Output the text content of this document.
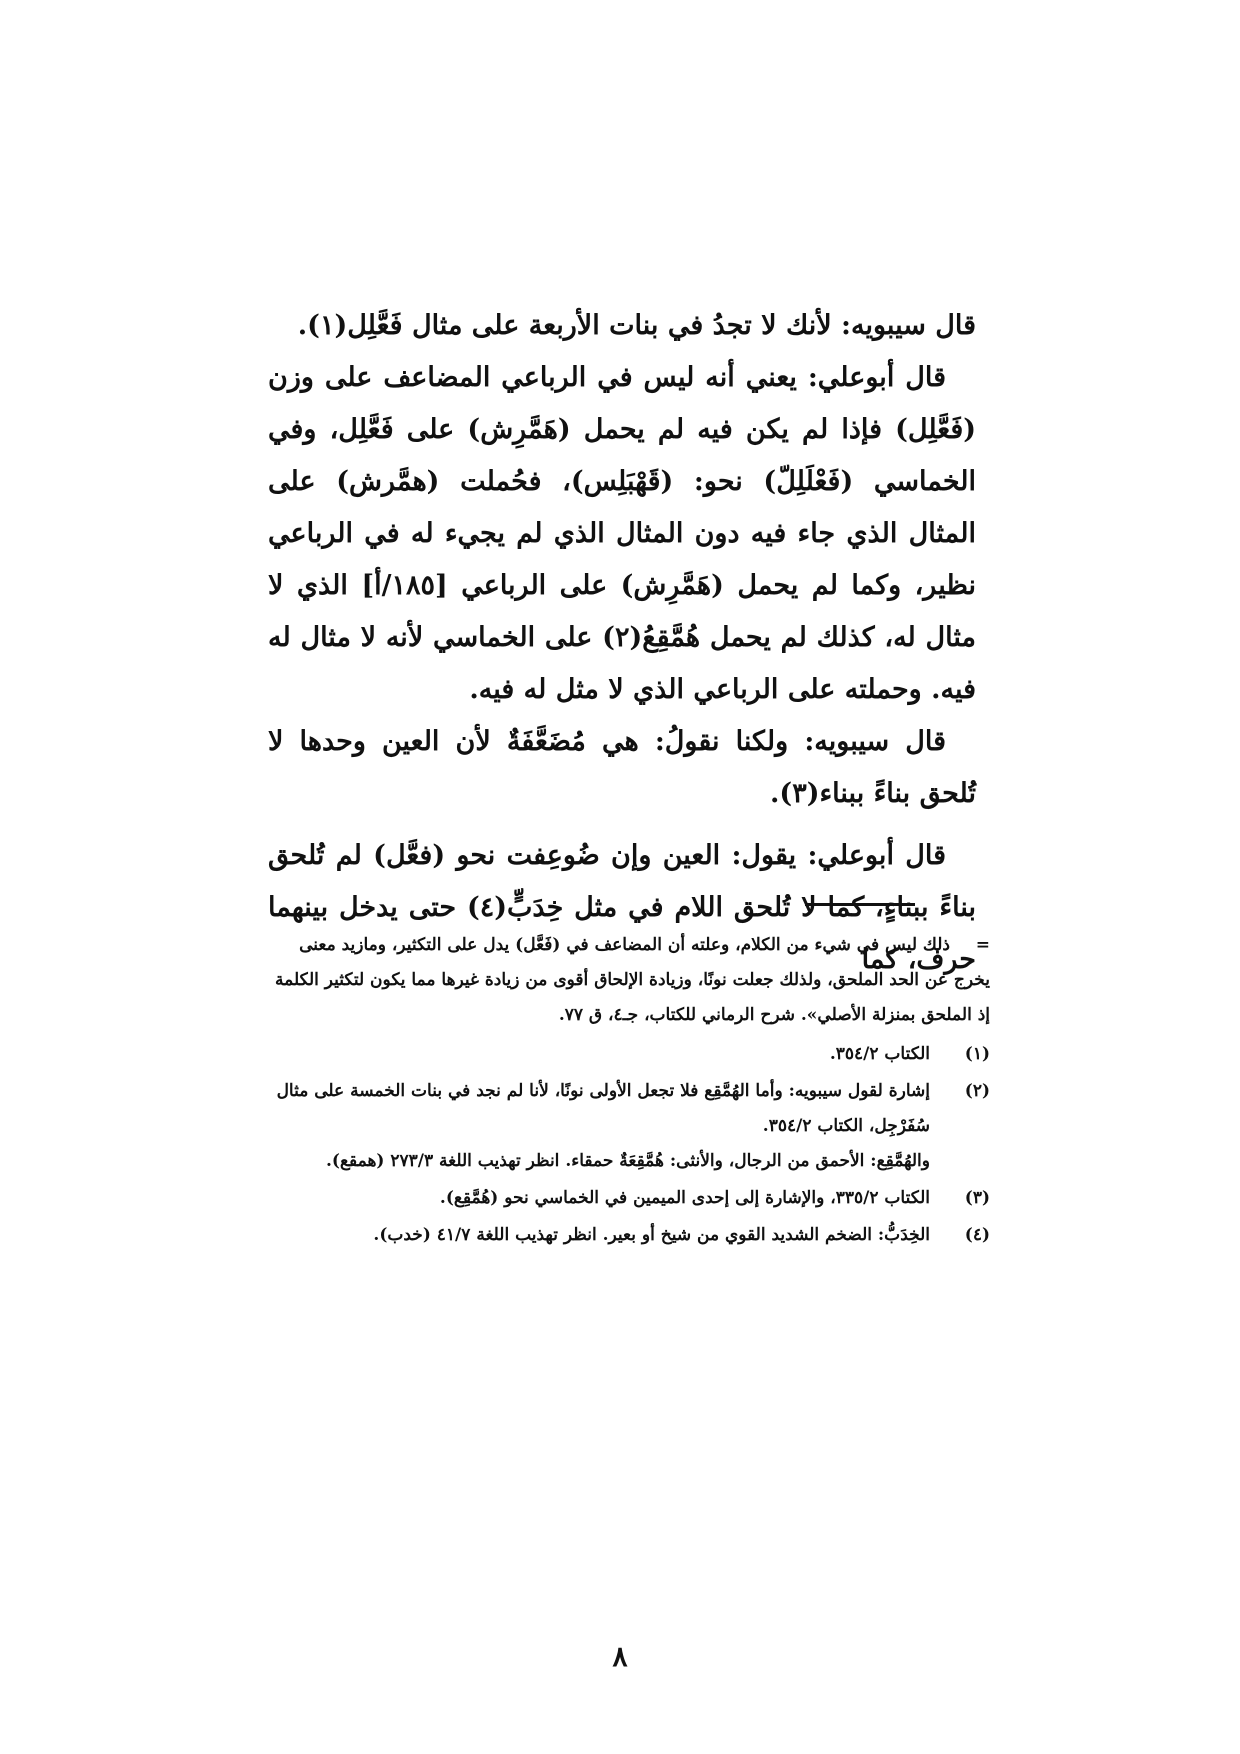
قال سيبويه: لأنك لا تجدُ في بنات الأربعة على مثال فَعَّلِل(١).

قال أبوعلي: يعني أنه ليس في الرباعي المضاعف على وزن (فَعَّلِل) فإذا لم يكن فيه لم يحمل (هَمَّرِش) على فَعَّلِل، وفي الخماسي (فَعْلَلِلّ) نحو: (قَهْبَلِس)، فحُملت (همَّرش) على المثال الذي جاء فيه دون المثال الذي لم يجيء له في الرباعي نظير، وكما لم يحمل (هَمَّرِش) على الرباعي [١٨٥/أ] الذي لا مثال له، كذلك لم يحمل هُمَّقِعُ(٢) على الخماسي لأنه لا مثال له فيه. وحملته على الرباعي الذي لا مثل له فيه.

قال سيبويه: ولكنا نقولُ: هي مُضَعَّفَةٌ لأن العين وحدها لا تُلحق بناءً ببناء(٣).

قال أبوعلي: يقول: العين وإن ضُوعِفت نحو (فعَّل) لم تُلحق بناءً ببناءٍ، كما لا تُلحق اللام في مثل خِدَبٍّ(٤) حتى يدخل بينهما حرف، كما =ذلك ليس في شيء من الكلام، وعلته أن المضاعف في (فَعَّل) يدل على التكثير، ومازيد معنى يخرج عن الحد الملحق، ولذلك جعلت نونًا، وزيادة الإلحاق أقوى من زيادة غيرها مما يكون لتكثير الكلمة إذ الملحق بمنزلة الأصلي». شرح الرماني للكتاب، جـ٤، ق ٧٧.

(١)

الكتاب ٣٥٤/٢.

(٢)

إشارة لقول سيبويه: وأما الهُمَّقِع فلا تجعل الأولى نونًا، لأنا لم نجد في بنات الخمسة على مثال سُفَرْجِل، الكتاب ٣٥٤/٢.

والهُمَّقِع: الأحمق من الرجال، والأنثى: هُمَّقِعَةٌ حمقاء. انظر تهذيب اللغة ٢٧٣/٣ (همقع).

(٣)

الكتاب ٣٣٥/٢، والإشارة إلى إحدى الميمين في الخماسي نحو (هُمَّقِع).

(٤)

الخِدَبُّ: الضخم الشديد القوي من شيخ أو بعير. انظر تهذيب اللغة ٤١/٧ (خدب).

٨
